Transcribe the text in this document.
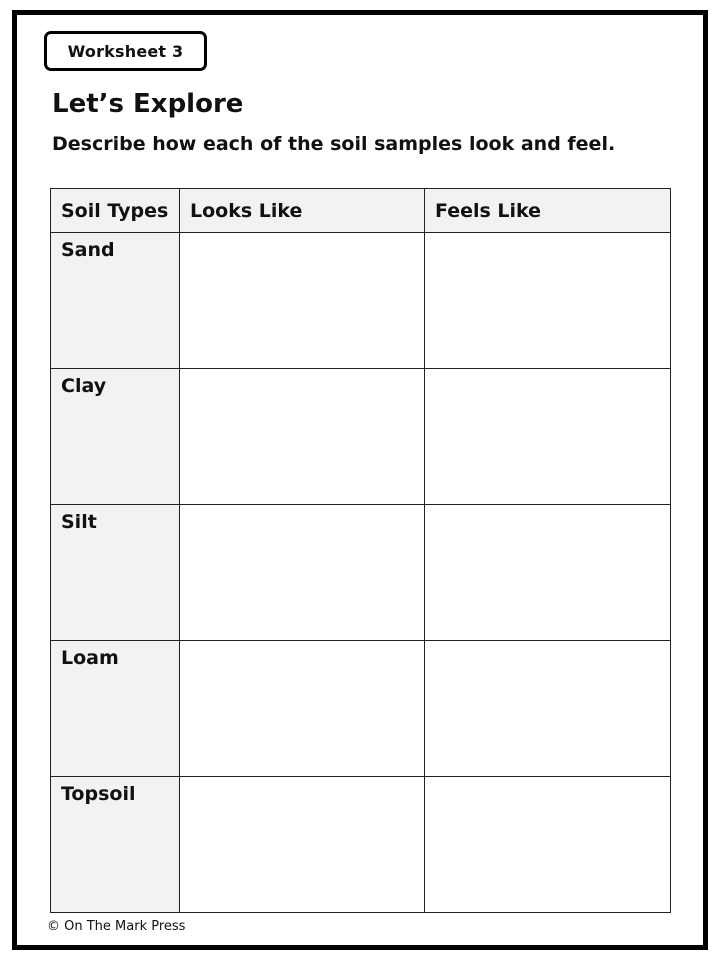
Worksheet 3
Let’s Explore
Describe how each of the soil samples look and feel.
Soil Types	Looks Like	Feels Like
Sand		
Clay		
Silt		
Loam		
Topsoil		
© On The Mark Press
